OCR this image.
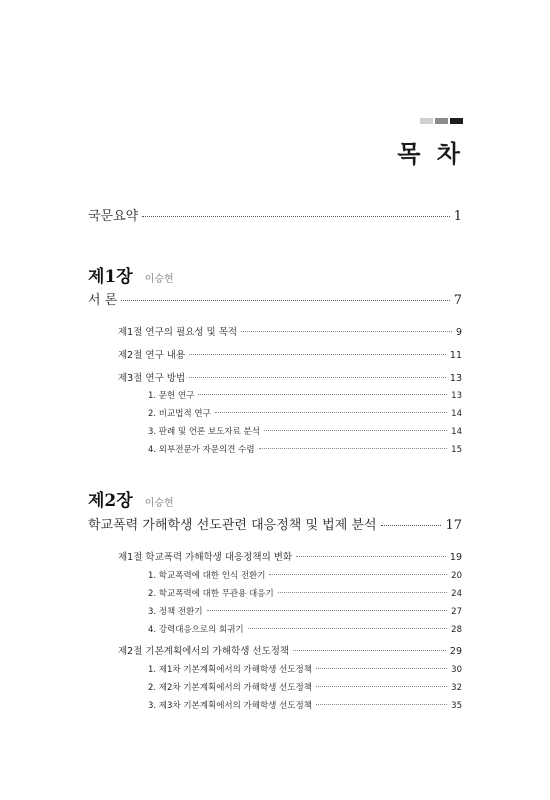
목 차
국문요약	1
제1장 이승현
서 론	7
제1절 연구의 필요성 및 목적	9
제2절 연구 내용	11
제3절 연구 방법	13
1. 문헌 연구	13
2. 비교법적 연구	14
3. 판례 및 언론 보도자료 분석	14
4. 외부전문가 자문의견 수렴	15
제2장 이승현
학교폭력 가해학생 선도관련 대응정책 및 법제 분석	17
제1절 학교폭력 가해학생 대응정책의 변화	19
1. 학교폭력에 대한 인식 전환기	20
2. 학교폭력에 대한 무관용 대응기	24
3. 정책 전환기	27
4. 강력대응으로의 회귀기	28
제2절 기본계획에서의 가해학생 선도정책	29
1. 제1차 기본계획에서의 가해학생 선도정책	30
2. 제2차 기본계획에서의 가해학생 선도정책	32
3. 제3차 기본계획에서의 가해학생 선도정책	35
